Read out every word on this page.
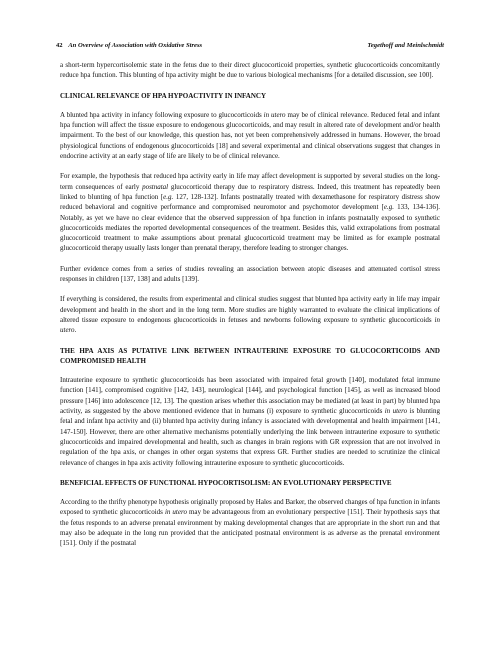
42 An Overview of Association with Oxidative Stress	Tegethoff and Meinlschmidt

a short-term hypercortisolemic state in the fetus due to their direct glucocorticoid properties, synthetic glucocorticoids concomitantly reduce hpa function. This blunting of hpa activity might be due to various biological mechanisms [for a detailed discussion, see 100].

CLINICAL RELEVANCE OF HPA HYPOACTIVITY IN INFANCY

A blunted hpa activity in infancy following exposure to glucocorticoids in utero may be of clinical relevance. Reduced fetal and infant hpa function will affect the tissue exposure to endogenous glucocorticoids, and may result in altered rate of development and/or health impairment. To the best of our knowledge, this question has, not yet been comprehensively addressed in humans. However, the broad physiological functions of endogenous glucocorticoids [18] and several experimental and clinical observations suggest that changes in endocrine activity at an early stage of life are likely to be of clinical relevance.

For example, the hypothesis that reduced hpa activity early in life may affect development is supported by several studies on the long-term consequences of early postnatal glucocorticoid therapy due to respiratory distress. Indeed, this treatment has repeatedly been linked to blunting of hpa function [e.g. 127, 128-132]. Infants postnatally treated with dexamethasone for respiratory distress show reduced behavioral and cognitive performance and compromised neuromotor and psychomotor development [e.g. 133, 134-136]. Notably, as yet we have no clear evidence that the observed suppression of hpa function in infants postnatally exposed to synthetic glucocorticoids mediates the reported developmental consequences of the treatment. Besides this, valid extrapolations from postnatal glucocorticoid treatment to make assumptions about prenatal glucocorticoid treatment may be limited as for example postnatal glucocorticoid therapy usually lasts longer than prenatal therapy, therefore leading to stronger changes.

Further evidence comes from a series of studies revealing an association between atopic diseases and attenuated cortisol stress responses in children [137, 138] and adults [139].

If everything is considered, the results from experimental and clinical studies suggest that blunted hpa activity early in life may impair development and health in the short and in the long term. More studies are highly warranted to evaluate the clinical implications of altered tissue exposure to endogenous glucocorticoids in fetuses and newborns following exposure to synthetic glucocorticoids in utero.

THE HPA AXIS AS PUTATIVE LINK BETWEEN INTRAUTERINE EXPOSURE TO GLUCOCORTICOIDS AND COMPROMISED HEALTH

Intrauterine exposure to synthetic glucocorticoids has been associated with impaired fetal growth [140], modulated fetal immune function [141], compromised cognitive [142, 143], neurological [144], and psychological function [145], as well as increased blood pressure [146] into adolescence [12, 13]. The question arises whether this association may be mediated (at least in part) by blunted hpa activity, as suggested by the above mentioned evidence that in humans (i) exposure to synthetic glucocorticoids in utero is blunting fetal and infant hpa activity and (ii) blunted hpa activity during infancy is associated with developmental and health impairment [141, 147-150]. However, there are other alternative mechanisms potentially underlying the link between intrauterine exposure to synthetic glucocorticoids and impaired developmental and health, such as changes in brain regions with GR expression that are not involved in regulation of the hpa axis, or changes in other organ systems that express GR. Further studies are needed to scrutinize the clinical relevance of changes in hpa axis activity following intrauterine exposure to synthetic glucocorticoids.

BENEFICIAL EFFECTS OF FUNCTIONAL HYPOCORTISOLISM: AN EVOLUTIONARY PERSPECTIVE

According to the thrifty phenotype hypothesis originally proposed by Hales and Barker, the observed changes of hpa function in infants exposed to synthetic glucocorticoids in utero may be advantageous from an evolutionary perspective [151]. Their hypothesis says that the fetus responds to an adverse prenatal environment by making developmental changes that are appropriate in the short run and that may also be adequate in the long run provided that the anticipated postnatal environment is as adverse as the prenatal environment [151]. Only if the postnatal
